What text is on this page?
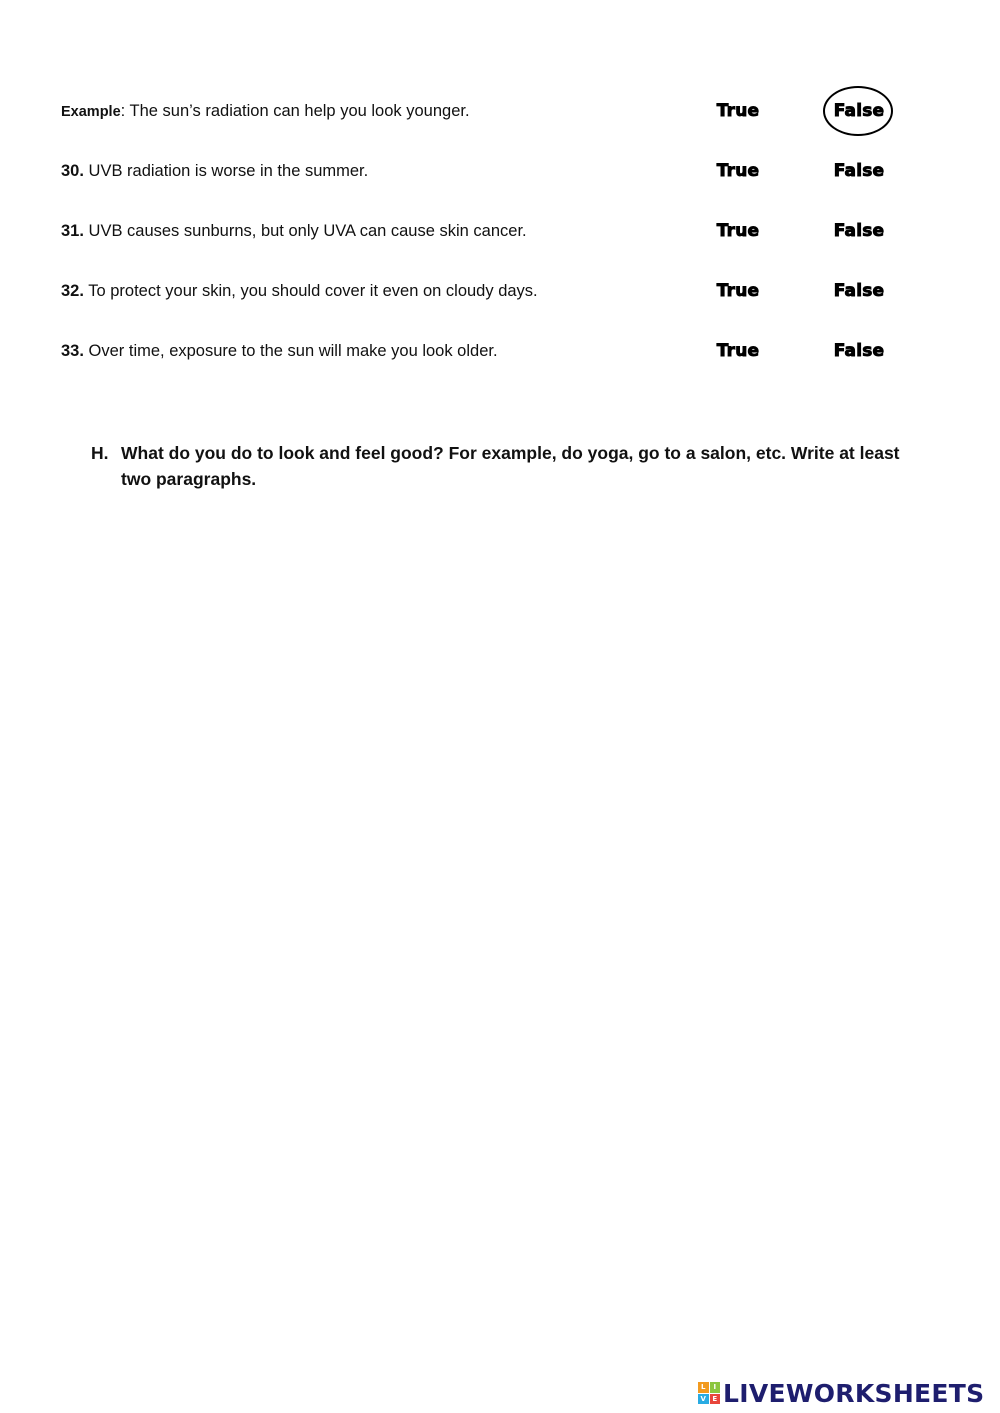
Example: The sun’s radiation can help you look younger.	True	False
30. UVB radiation is worse in the summer.	True	False
31. UVB causes sunburns, but only UVA can cause skin cancer.	True	False
32. To protect your skin, you should cover it even on cloudy days.	True	False
33. Over time, exposure to the sun will make you look older.	True	False
H. What do you do to look and feel good? For example, do yoga, go to a salon, etc. Write at least two paragraphs.
L	I
V E LIVEWORKSHEETS
